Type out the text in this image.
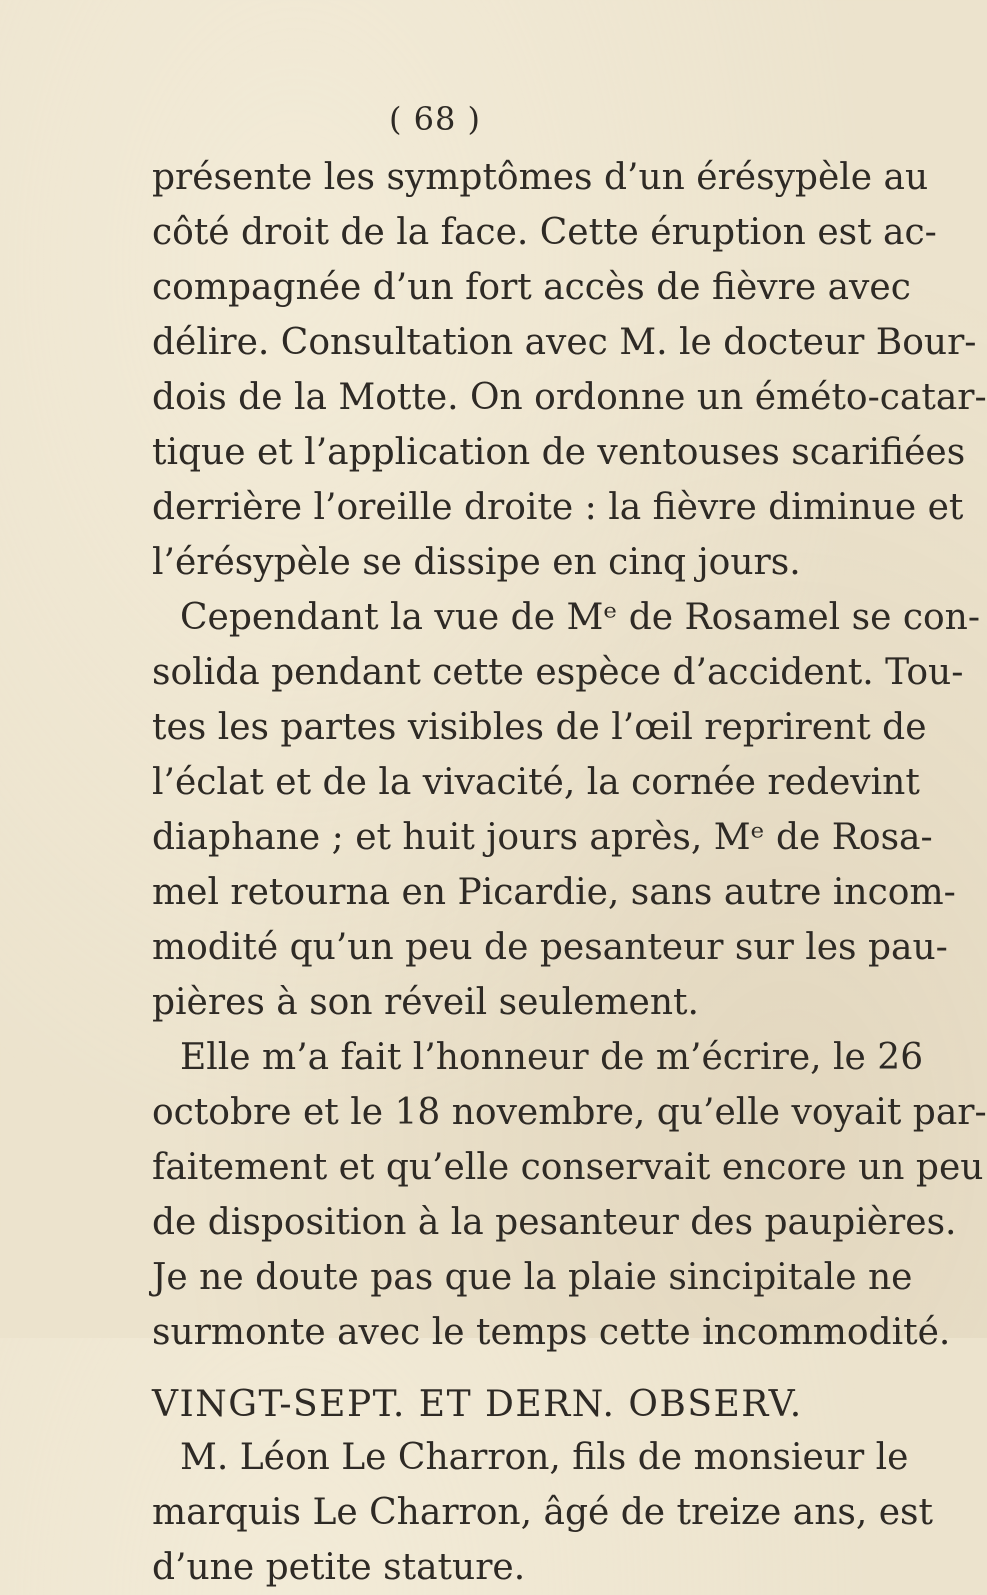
( 68 )
présente les symptômes d’un érésypèle au
côté droit de la face. Cette éruption est ac-
compagnée d’un fort accès de fièvre avec
délire. Consultation avec M. le docteur Bour-
dois de la Motte. On ordonne un éméto-catar-
tique et l’application de ventouses scarifiées
derrière l’oreille droite : la fièvre diminue et
l’érésypèle se dissipe en cinq jours.
Cependant la vue de Mᵉ de Rosamel se con-
solida pendant cette espèce d’accident. Tou-
tes les partes visibles de l’œil reprirent de
l’éclat et de la vivacité, la cornée redevint
diaphane ; et huit jours après, Mᵉ de Rosa-
mel retourna en Picardie, sans autre incom-
modité qu’un peu de pesanteur sur les pau-
pières à son réveil seulement.
Elle m’a fait l’honneur de m’écrire, le 26
octobre et le 18 novembre, qu’elle voyait par-
faitement et qu’elle conservait encore un peu
de disposition à la pesanteur des paupières.
Je ne doute pas que la plaie sincipitale ne
surmonte avec le temps cette incommodité.
VINGT-SEPT. ET DERN. OBSERV.
M. Léon Le Charron, fils de monsieur le
marquis Le Charron, âgé de treize ans, est
d’une petite stature.
